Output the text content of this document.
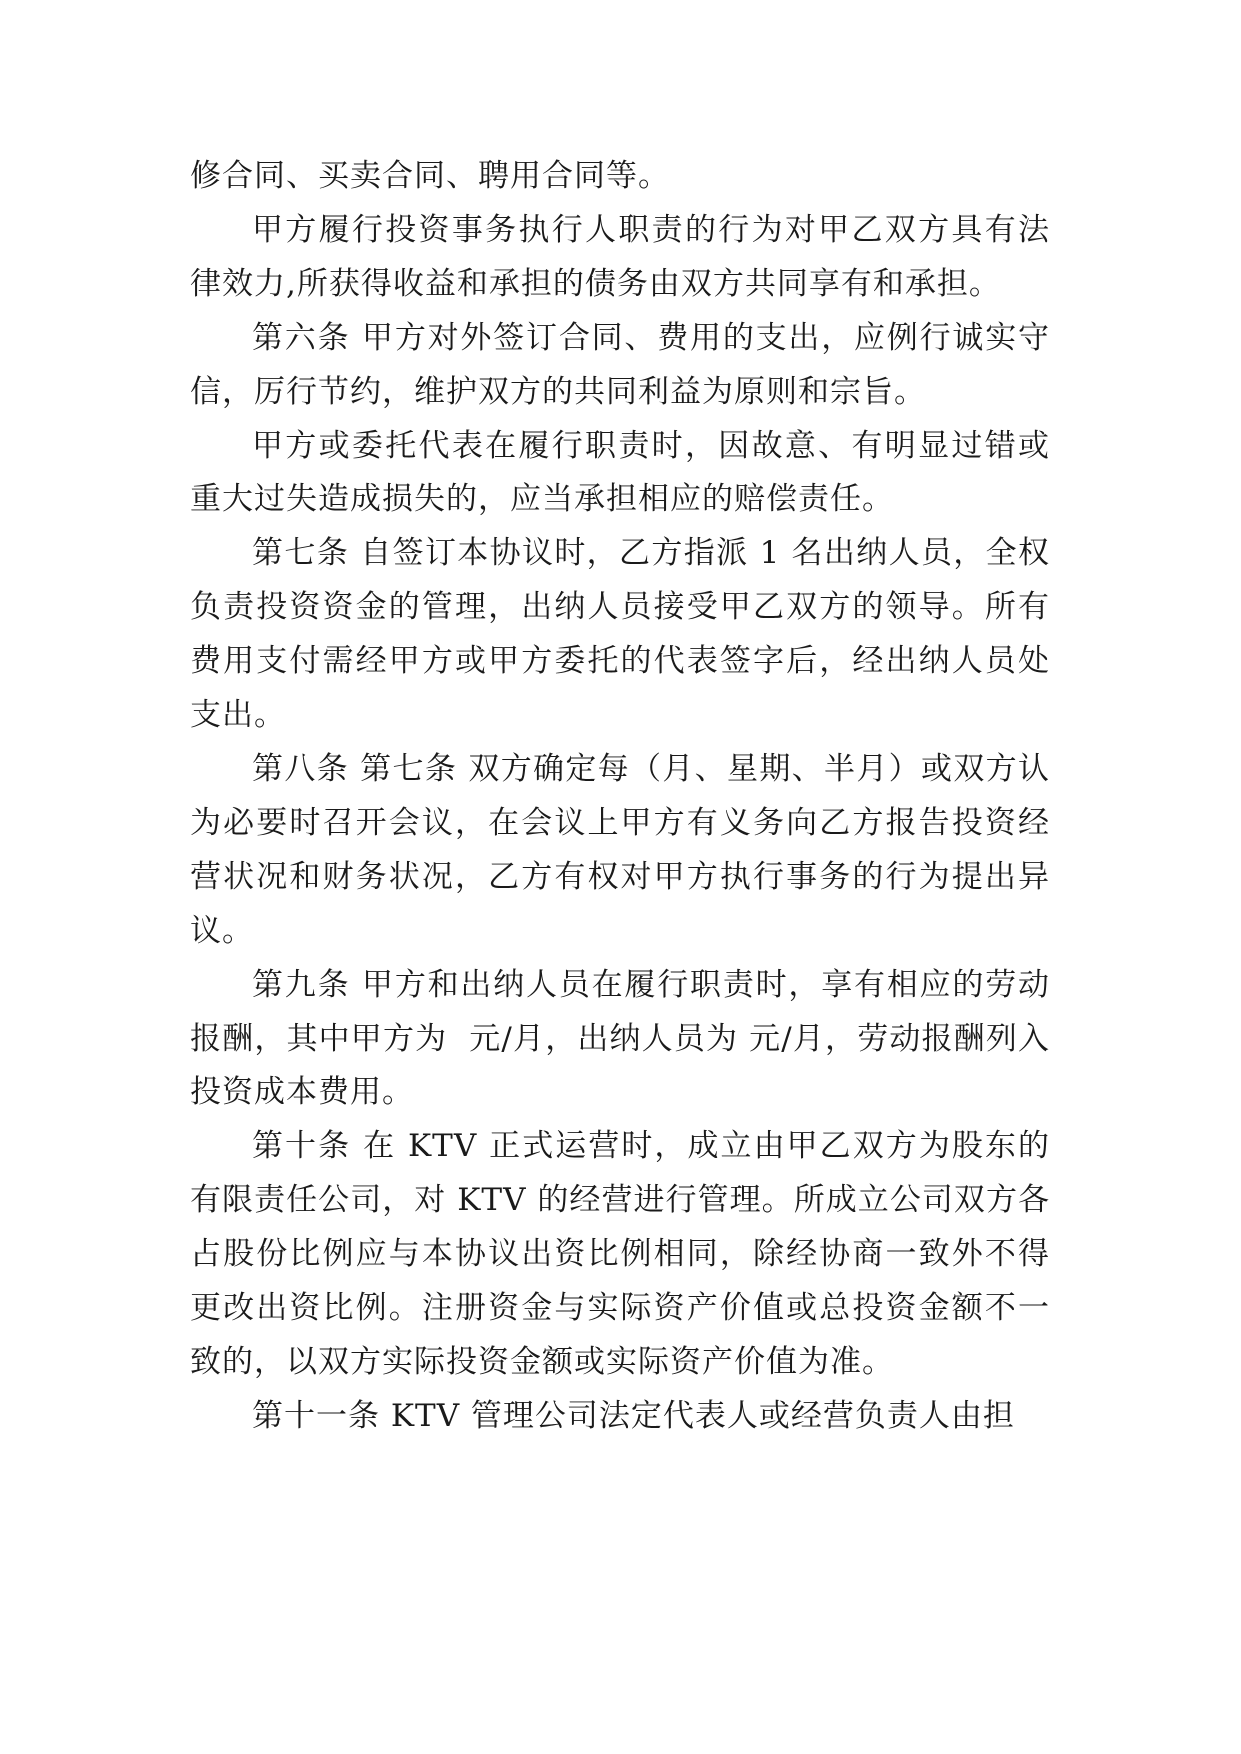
修合同、买卖合同、聘用合同等。

甲方履行投资事务执行人职责的行为对甲乙双方具有法律效力,所获得收益和承担的债务由双方共同享有和承担。

第六条 甲方对外签订合同、费用的支出，应例行诚实守信，厉行节约，维护双方的共同利益为原则和宗旨。

甲方或委托代表在履行职责时，因故意、有明显过错或重大过失造成损失的，应当承担相应的赔偿责任。

第七条 自签订本协议时，乙方指派 1 名出纳人员，全权负责投资资金的管理，出纳人员接受甲乙双方的领导。所有费用支付需经甲方或甲方委托的代表签字后，经出纳人员处支出。

第八条 第七条 双方确定每（月、星期、半月）或双方认为必要时召开会议，在会议上甲方有义务向乙方报告投资经营状况和财务状况，乙方有权对甲方执行事务的行为提出异议。

第九条 甲方和出纳人员在履行职责时，享有相应的劳动报酬，其中甲方为  元/月，出纳人员为 元/月，劳动报酬列入投资成本费用。

第十条 在 KTV 正式运营时，成立由甲乙双方为股东的有限责任公司，对 KTV 的经营进行管理。所成立公司双方各占股份比例应与本协议出资比例相同，除经协商一致外不得更改出资比例。注册资金与实际资产价值或总投资金额不一致的，以双方实际投资金额或实际资产价值为准。

第十一条 KTV 管理公司法定代表人或经营负责人由担
